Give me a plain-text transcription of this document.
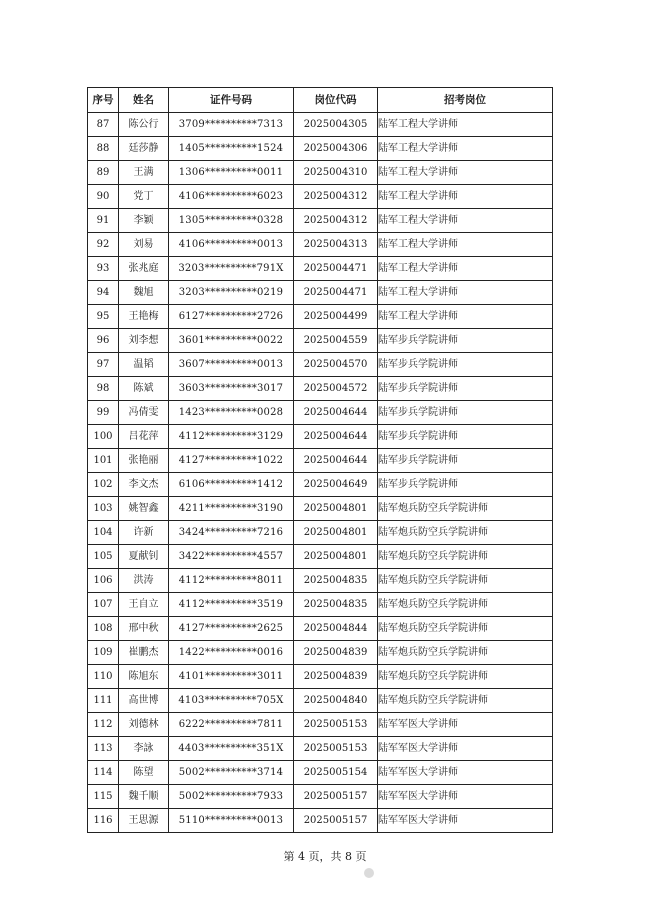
序号	姓名	证件号码	岗位代码	招考岗位
87	陈公行	3709**********7313	2025004305	陆军工程大学讲师
88	廷莎静	1405**********1524	2025004306	陆军工程大学讲师
89	王满	1306**********0011	2025004310	陆军工程大学讲师
90	党丁	4106**********6023	2025004312	陆军工程大学讲师
91	李颖	1305**********0328	2025004312	陆军工程大学讲师
92	刘易	4106**********0013	2025004313	陆军工程大学讲师
93	张兆庭	3203**********791X	2025004471	陆军工程大学讲师
94	魏旭	3203**********0219	2025004471	陆军工程大学讲师
95	王艳梅	6127**********2726	2025004499	陆军工程大学讲师
96	刘李想	3601**********0022	2025004559	陆军步兵学院讲师
97	温韬	3607**********0013	2025004570	陆军步兵学院讲师
98	陈斌	3603**********3017	2025004572	陆军步兵学院讲师
99	冯倩雯	1423**********0028	2025004644	陆军步兵学院讲师
100	吕花萍	4112**********3129	2025004644	陆军步兵学院讲师
101	张艳丽	4127**********1022	2025004644	陆军步兵学院讲师
102	李文杰	6106**********1412	2025004649	陆军步兵学院讲师
103	姚智鑫	4211**********3190	2025004801	陆军炮兵防空兵学院讲师
104	许新	3424**********7216	2025004801	陆军炮兵防空兵学院讲师
105	夏献钊	3422**********4557	2025004801	陆军炮兵防空兵学院讲师
106	洪涛	4112**********8011	2025004835	陆军炮兵防空兵学院讲师
107	王自立	4112**********3519	2025004835	陆军炮兵防空兵学院讲师
108	邢中秋	4127**********2625	2025004844	陆军炮兵防空兵学院讲师
109	崔鹏杰	1422**********0016	2025004839	陆军炮兵防空兵学院讲师
110	陈旭东	4101**********3011	2025004839	陆军炮兵防空兵学院讲师
111	高世博	4103**********705X	2025004840	陆军炮兵防空兵学院讲师
112	刘德林	6222**********7811	2025005153	陆军军医大学讲师
113	李詠	4403**********351X	2025005153	陆军军医大学讲师
114	陈望	5002**********3714	2025005154	陆军军医大学讲师
115	魏千顺	5002**********7933	2025005157	陆军军医大学讲师
116	王思源	5110**********0013	2025005157	陆军军医大学讲师
第 4 页，共 8 页
